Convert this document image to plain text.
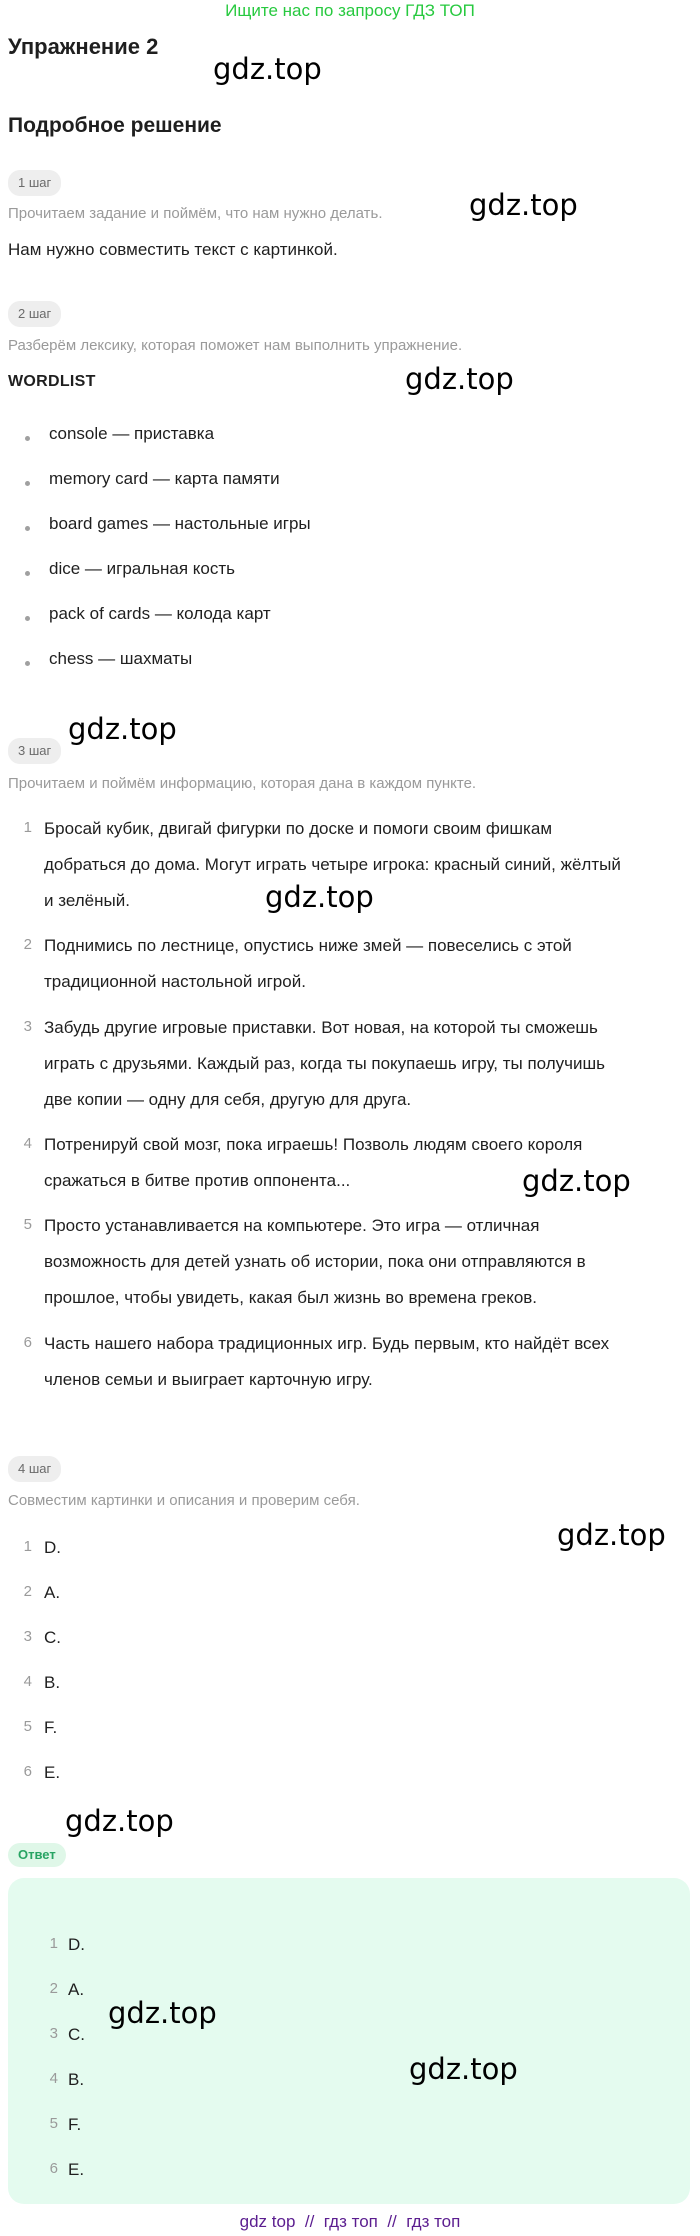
Ищите нас по запросу ГДЗ ТОП
Упражнение 2
gdz.top
Подробное решение
1 шаг
Прочитаем задание и поймём, что нам нужно делать.	gdz.top
Нам нужно совместить текст с картинкой.
2 шаг
Разберём лексику, которая поможет нам выполнить упражнение.
gdz.top
WORDLIST
console — приставка
memory card — карта памяти
board games — настольные игры
dice — игральная кость
pack of cards — колода карт
chess — шахматы
gdz.top
3 шаг
Прочитаем и поймём информацию, которая дана в каждом пункте.
1 Бросай кубик, двигай фигурки по доске и помоги своим фишкам
добраться до дома. Могут играть четыре игрока: красный синий, жёлтый
и зелёный.
2 Поднимись по лестнице, опустись ниже змей — повеселись с этой
традиционной настольной игрой.
3 Забудь другие игровые приставки. Вот новая, на которой ты сможешь
играть с друзьями. Каждый раз, когда ты покупаешь игру, ты получишь
две копии — одну для себя, другую для друга.
4 Потренируй свой мозг, пока играешь! Позволь людям своего короля
сражаться в битве против оппонента...
5 Просто устанавливается на компьютере. Это игра — отличная
возможность для детей узнать об истории, пока они отправляются в
прошлое, чтобы увидеть, какая был жизнь во времена греков.
6 Часть нашего набора традиционных игр. Будь первым, кто найдёт всех
членов семьи и выиграет карточную игру.
gdz.top
gdz.top
4 шаг
Совместим картинки и описания и проверим себя.
gdz.top
1 D.
2 A.
3 C.
4 B.
5 F.
6 E.
gdz.top
Ответ
1 D.
2 A.
3 C.
4 B.
5 F.
6 E.
gdz.top
gdz.top
gdz top  //  гдз топ  //  гдз топ
